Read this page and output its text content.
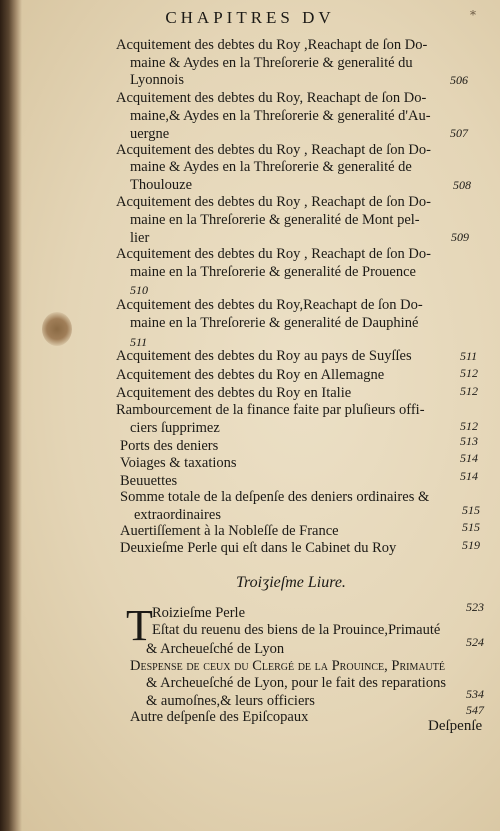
CHAPITRES DV	*
Acquitement des debtes du Roy ,Reachapt de ſon Do-
maine & Aydes en la Threſorerie & generalité du
Lyonnois	506
Acquitement des debtes du Roy, Reachapt de ſon Do-
maine,& Aydes en la Threſorerie & generalité d'Au-
uergne	507
Acquitement des debtes du Roy , Reachapt de ſon Do-
maine & Aydes en la Threſorerie & generalité de
Thoulouze	508
Acquitement des debtes du Roy , Reachapt de ſon Do-
maine en la Threſorerie & generalité de Mont pel-
lier	509
Acquitement des debtes du Roy , Reachapt de ſon Do-
maine en la Threſorerie & generalité de Prouence
510
Acquitement des debtes du Roy,Reachapt de ſon Do-
maine en la Threſorerie & generalité de Dauphiné
511
Acquitement des debtes du Roy au pays de Suyſſes	511
Acquitement des debtes du Roy en Allemagne	512
Acquitement des debtes du Roy en Italie	512
Rambourcement de la finance faite par pluſieurs offi-
ciers ſupprimez	512
Ports des deniers	513
Voiages & taxations	514
Beuuettes	514
Somme totale de la deſpenſe des deniers ordinaires &
extraordinaires	515
Auertiſſement à la Nobleſſe de France	515
Deuxieſme Perle qui eſt dans le Cabinet du Roy	519
Troiʒieſme Liure.
T Roizieſme Perle	523
Eſtat du reuenu des biens de la Prouince,Primauté
& Archeueſché de Lyon	524
Despense de ceux du Clergé de la Prouince, Primauté
& Archeueſché de Lyon, pour le fait des reparations
& aumoſnes,& leurs officiers	534
Autre deſpenſe des Epiſcopaux	547
Deſpenſe
